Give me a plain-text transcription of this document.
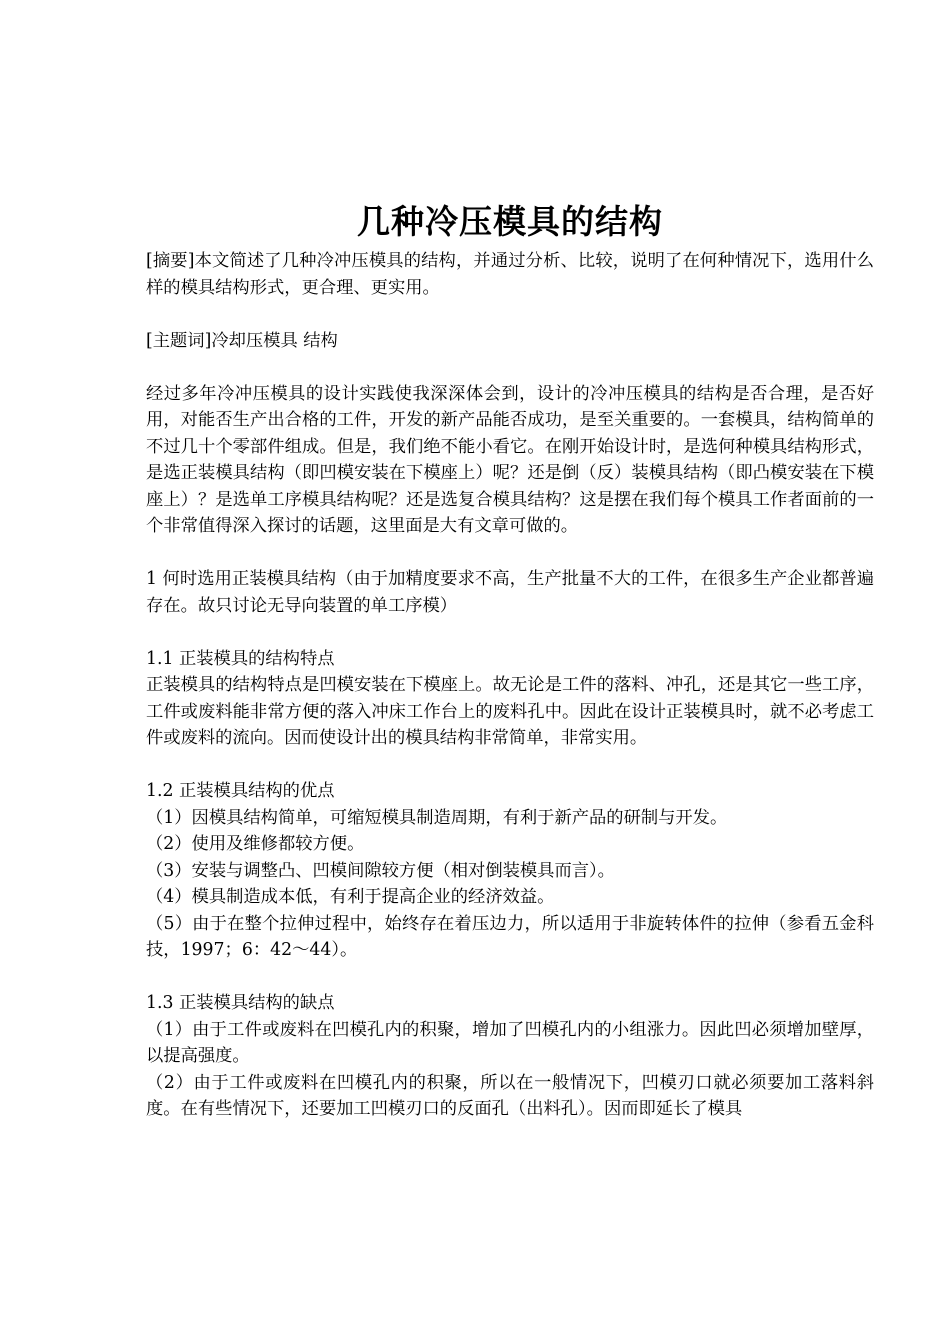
几种冷压模具的结构

[摘要]本文简述了几种冷冲压模具的结构，并通过分析、比较，说明了在何种情况下，选用什么样的模具结构形式，更合理、更实用。

[主题词]冷却压模具 结构

经过多年冷冲压模具的设计实践使我深深体会到，设计的冷冲压模具的结构是否合理，是否好用，对能否生产出合格的工件，开发的新产品能否成功，是至关重要的。一套模具，结构简单的不过几十个零部件组成。但是，我们绝不能小看它。在刚开始设计时，是选何种模具结构形式，是选正装模具结构（即凹模安装在下模座上）呢？还是倒（反）装模具结构（即凸模安装在下模座上）？是选单工序模具结构呢？还是选复合模具结构？这是摆在我们每个模具工作者面前的一个非常值得深入探讨的话题，这里面是大有文章可做的。

1 何时选用正装模具结构（由于加精度要求不高，生产批量不大的工件，在很多生产企业都普遍存在。故只讨论无导向装置的单工序模）

1.1 正装模具的结构特点

正装模具的结构特点是凹模安装在下模座上。故无论是工件的落料、冲孔，还是其它一些工序，工件或废料能非常方便的落入冲床工作台上的废料孔中。因此在设计正装模具时，就不必考虑工件或废料的流向。因而使设计出的模具结构非常简单，非常实用。

1.2 正装模具结构的优点

（1）因模具结构简单，可缩短模具制造周期，有利于新产品的研制与开发。

（2）使用及维修都较方便。

（3）安装与调整凸、凹模间隙较方便（相对倒装模具而言）。

（4）模具制造成本低，有利于提高企业的经济效益。

（5）由于在整个拉伸过程中，始终存在着压边力，所以适用于非旋转体件的拉伸（参看五金科技，1997；6：42～44）。

1.3 正装模具结构的缺点

（1）由于工件或废料在凹模孔内的积聚，增加了凹模孔内的小组涨力。因此凹必须增加壁厚，以提高强度。

（2）由于工件或废料在凹模孔内的积聚，所以在一般情况下，凹模刃口就必须要加工落料斜度。在有些情况下，还要加工凹模刃口的反面孔（出料孔）。因而即延长了模具
